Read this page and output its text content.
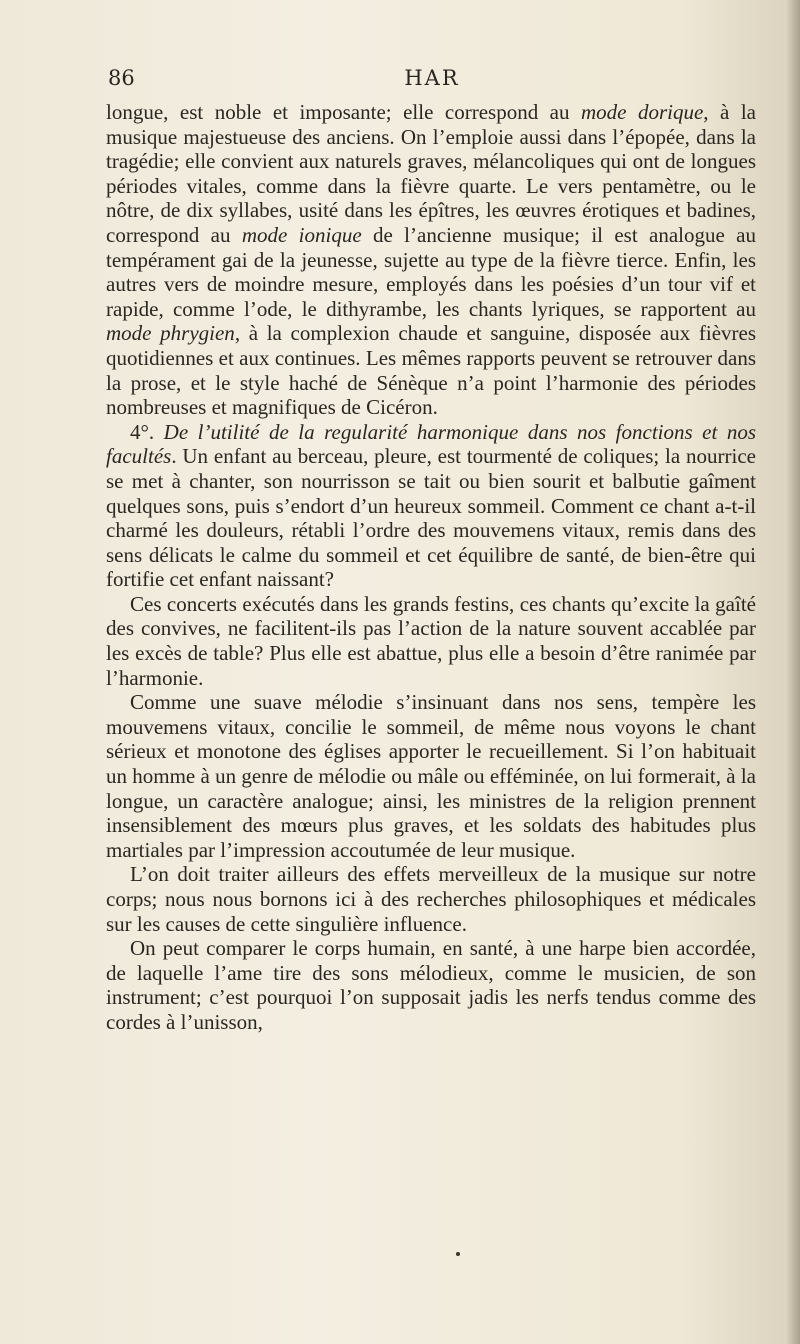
86	HAR

longue, est noble et imposante; elle correspond au mode dorique, à la musique majestueuse des anciens. On l’emploie aussi dans l’épopée, dans la tragédie; elle convient aux naturels graves, mélancoliques qui ont de longues périodes vitales, comme dans la fièvre quarte. Le vers pentamètre, ou le nôtre, de dix syllabes, usité dans les épîtres, les œuvres érotiques et badines, correspond au mode ionique de l’ancienne musique; il est analogue au tempérament gai de la jeunesse, sujette au type de la fièvre tierce. Enfin, les autres vers de moindre mesure, employés dans les poésies d’un tour vif et rapide, comme l’ode, le dithyrambe, les chants lyriques, se rapportent au mode phrygien, à la complexion chaude et sanguine, disposée aux fièvres quotidiennes et aux continues. Les mêmes rapports peuvent se retrouver dans la prose, et le style haché de Sénèque n’a point l’harmonie des périodes nombreuses et magnifiques de Cicéron.

4°. De l’utilité de la regularité harmonique dans nos fonctions et nos facultés. Un enfant au berceau, pleure, est tourmenté de coliques; la nourrice se met à chanter, son nourrisson se tait ou bien sourit et balbutie gaîment quelques sons, puis s’endort d’un heureux sommeil. Comment ce chant a-t-il charmé les douleurs, rétabli l’ordre des mouvemens vitaux, remis dans des sens délicats le calme du sommeil et cet équilibre de santé, de bien-être qui fortifie cet enfant naissant?

Ces concerts exécutés dans les grands festins, ces chants qu’excite la gaîté des convives, ne facilitent-ils pas l’action de la nature souvent accablée par les excès de table? Plus elle est abattue, plus elle a besoin d’être ranimée par l’harmonie.

Comme une suave mélodie s’insinuant dans nos sens, tempère les mouvemens vitaux, concilie le sommeil, de même nous voyons le chant sérieux et monotone des églises apporter le recueillement. Si l’on habituait un homme à un genre de mélodie ou mâle ou efféminée, on lui formerait, à la longue, un caractère analogue; ainsi, les ministres de la religion prennent insensiblement des mœurs plus graves, et les soldats des habitudes plus martiales par l’impression accoutumée de leur musique.

L’on doit traiter ailleurs des effets merveilleux de la musique sur notre corps; nous nous bornons ici à des recherches philosophiques et médicales sur les causes de cette singulière influence.

On peut comparer le corps humain, en santé, à une harpe bien accordée, de laquelle l’ame tire des sons mélodieux, comme le musicien, de son instrument; c’est pourquoi l’on supposait jadis les nerfs tendus comme des cordes à l’unisson,
